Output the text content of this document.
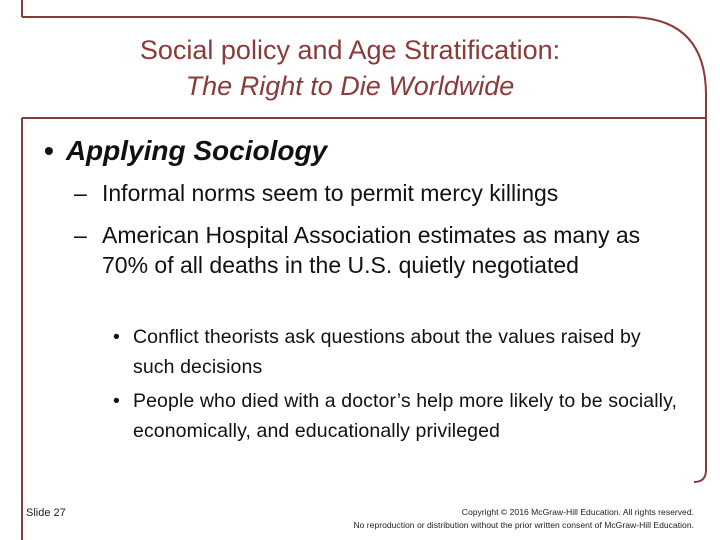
Social policy and Age Stratification:
The Right to Die Worldwide
• Applying Sociology
– Informal norms seem to permit mercy killings
– American Hospital Association estimates as many as 70% of all deaths in the U.S. quietly negotiated
• Conflict theorists ask questions about the values raised by such decisions
• People who died with a doctor’s help more likely to be socially, economically, and educationally privileged
Slide 27	Copyright © 2016 McGraw-Hill Education. All rights reserved.
No reproduction or distribution without the prior written consent of McGraw-Hill Education.
